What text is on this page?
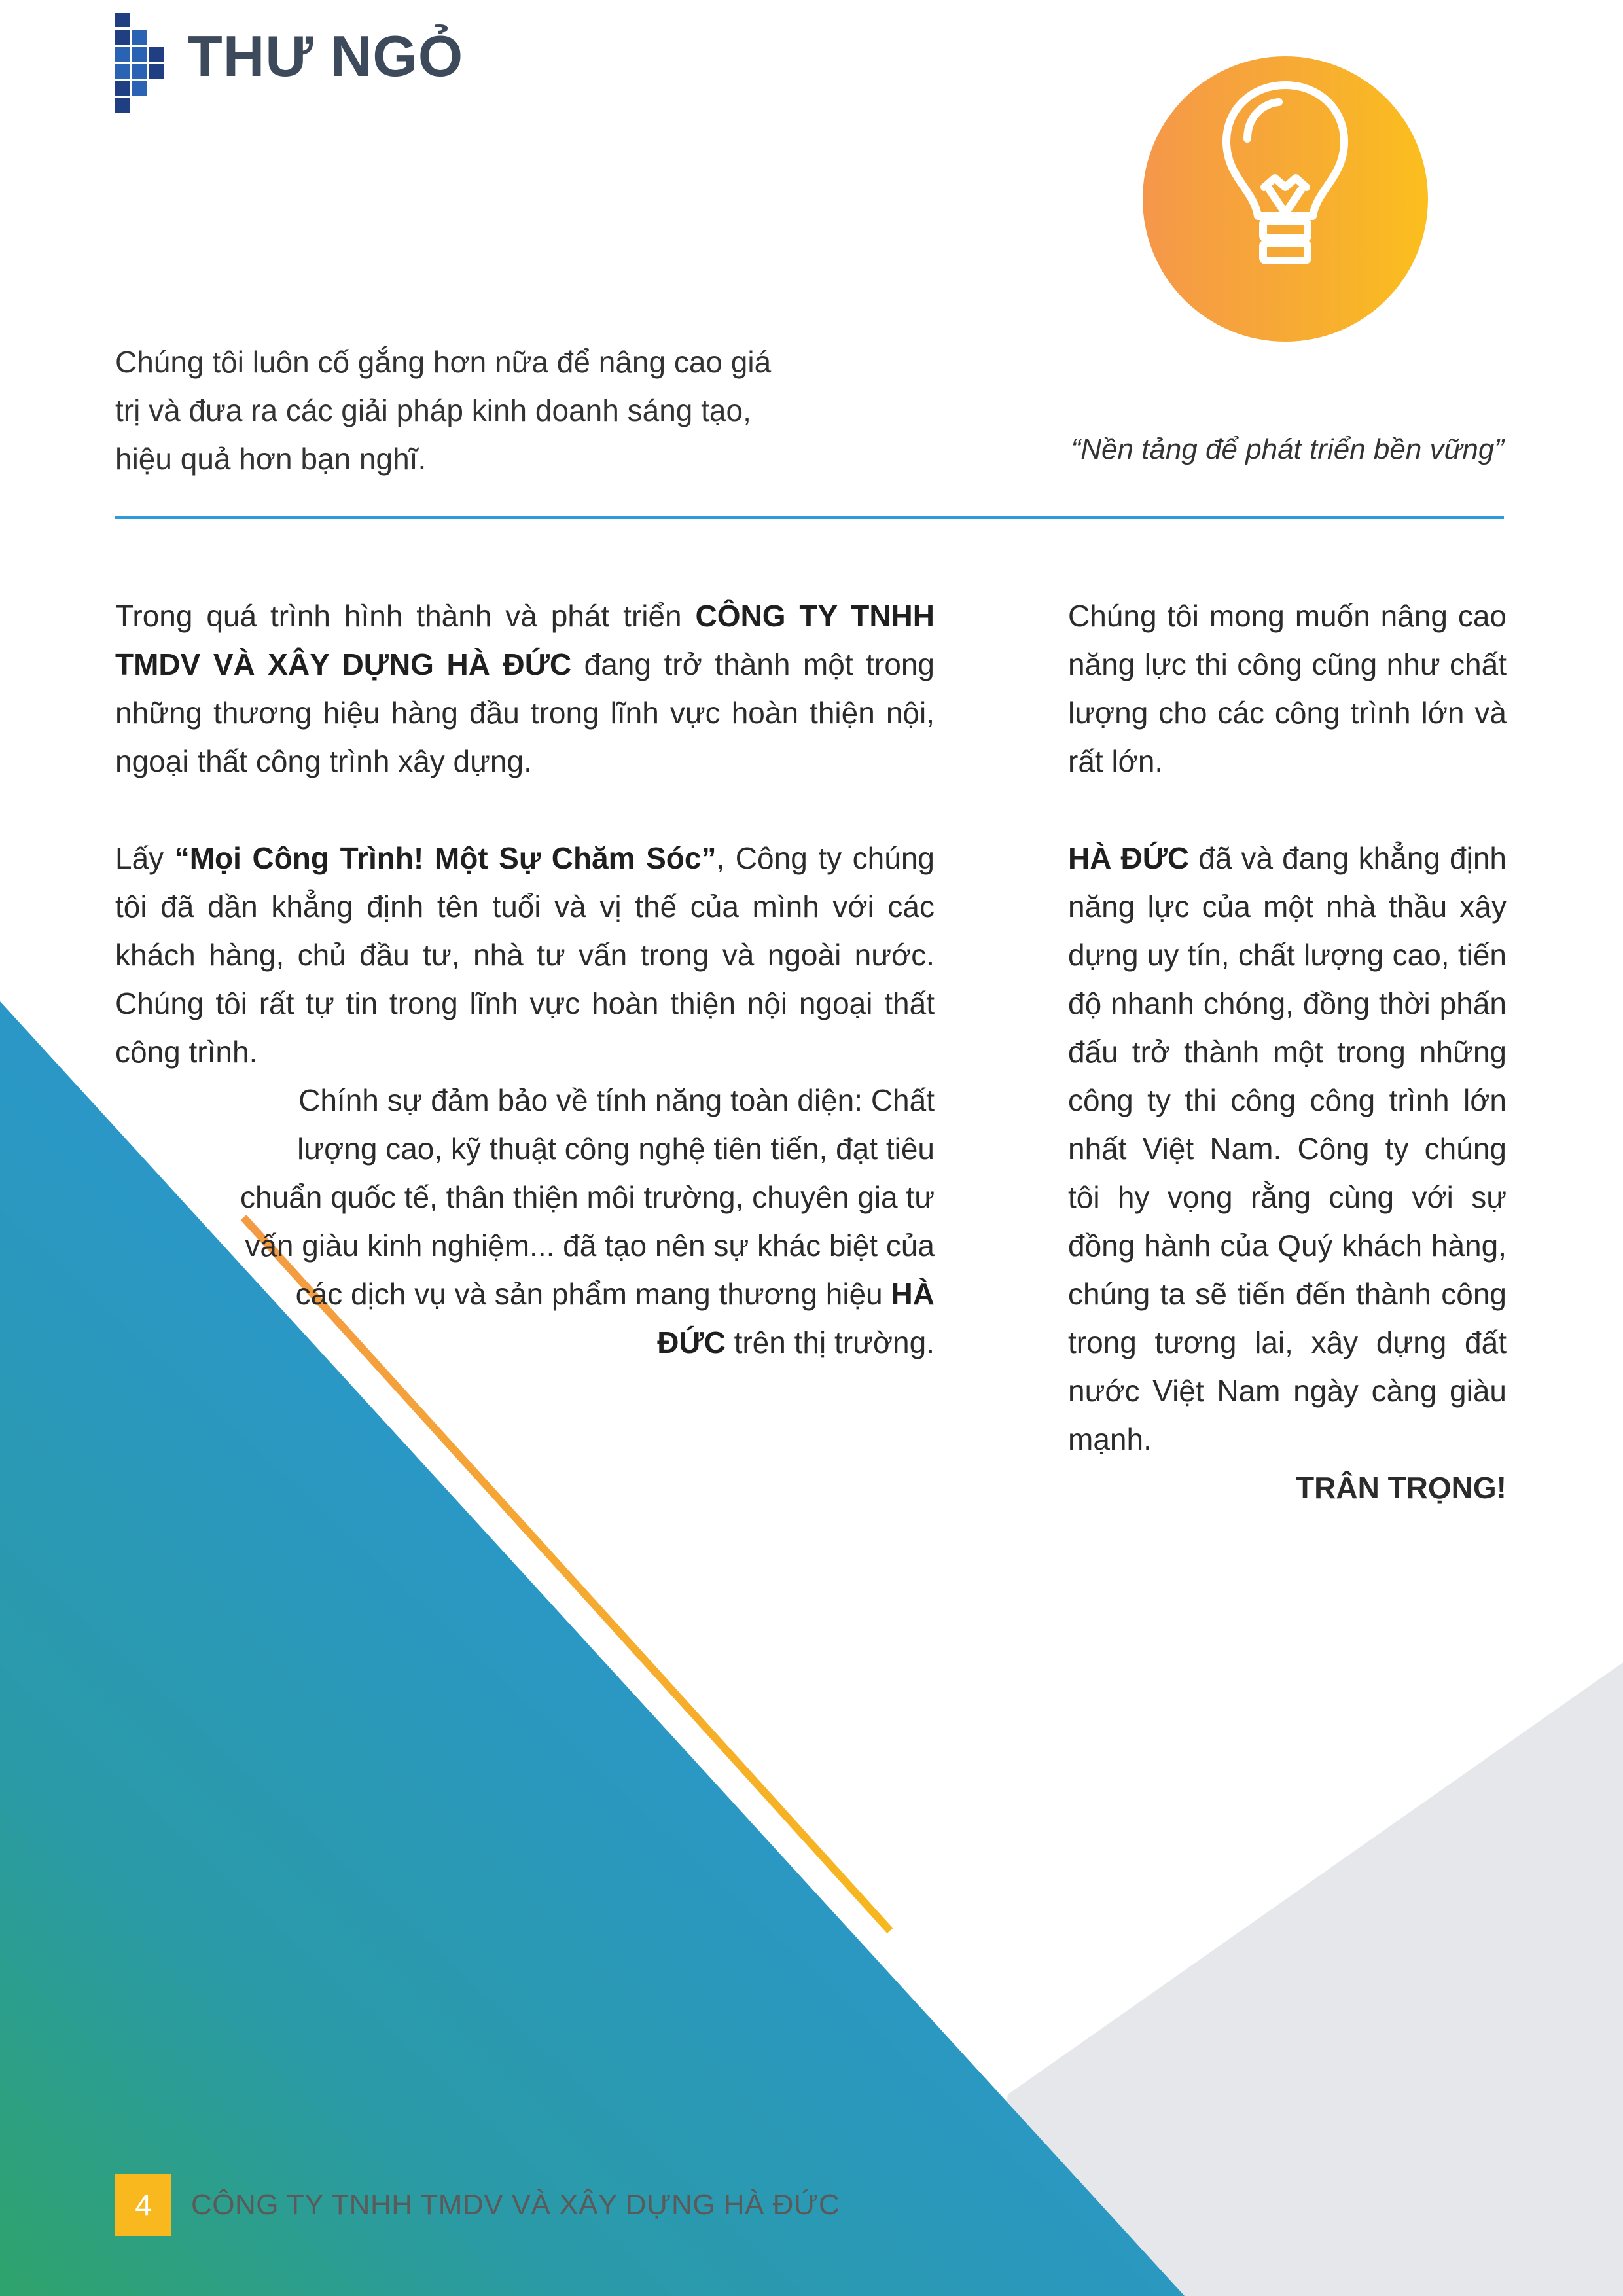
THƯ NGỎ

Chúng tôi luôn cố gắng hơn nữa để nâng cao giá trị và đưa ra các giải pháp kinh doanh sáng tạo, hiệu quả hơn bạn nghĩ.	“Nền tảng để phát triển bền vững”

Trong quá trình hình thành và phát triển CÔNG TY TNHH TMDV VÀ XÂY DỰNG HÀ ĐỨC đang trở thành một trong những thương hiệu hàng đầu trong lĩnh vực hoàn thiện nội, ngoại thất công trình xây dựng.

Lấy “Mọi Công Trình! Một Sự Chăm Sóc”, Công ty chúng tôi đã dần khẳng định tên tuổi và vị thế của mình với các khách hàng, chủ đầu tư, nhà tư vấn trong và ngoài nước. Chúng tôi rất tự tin trong lĩnh vực hoàn thiện nội ngoại thất công trình.

Chính sự đảm bảo về tính năng toàn diện: Chất lượng cao, kỹ thuật công nghệ tiên tiến, đạt tiêu chuẩn quốc tế, thân thiện môi trường, chuyên gia tư vấn giàu kinh nghiệm... đã tạo nên sự khác biệt của các dịch vụ và sản phẩm mang thương hiệu HÀ ĐỨC trên thị trường.

Chúng tôi mong muốn nâng cao năng lực thi công cũng như chất lượng cho các công trình lớn và rất lớn.

HÀ ĐỨC đã và đang khẳng định năng lực của một nhà thầu xây dựng uy tín, chất lượng cao, tiến độ nhanh chóng, đồng thời phấn đấu trở thành một trong những công ty thi công công trình lớn nhất Việt Nam. Công ty chúng tôi hy vọng rằng cùng với sự đồng hành của Quý khách hàng, chúng ta sẽ tiến đến thành công trong tương lai, xây dựng đất nước Việt Nam ngày càng giàu mạnh.

TRÂN TRỌNG!

4	CÔNG TY TNHH TMDV VÀ XÂY DỰNG HÀ ĐỨC
